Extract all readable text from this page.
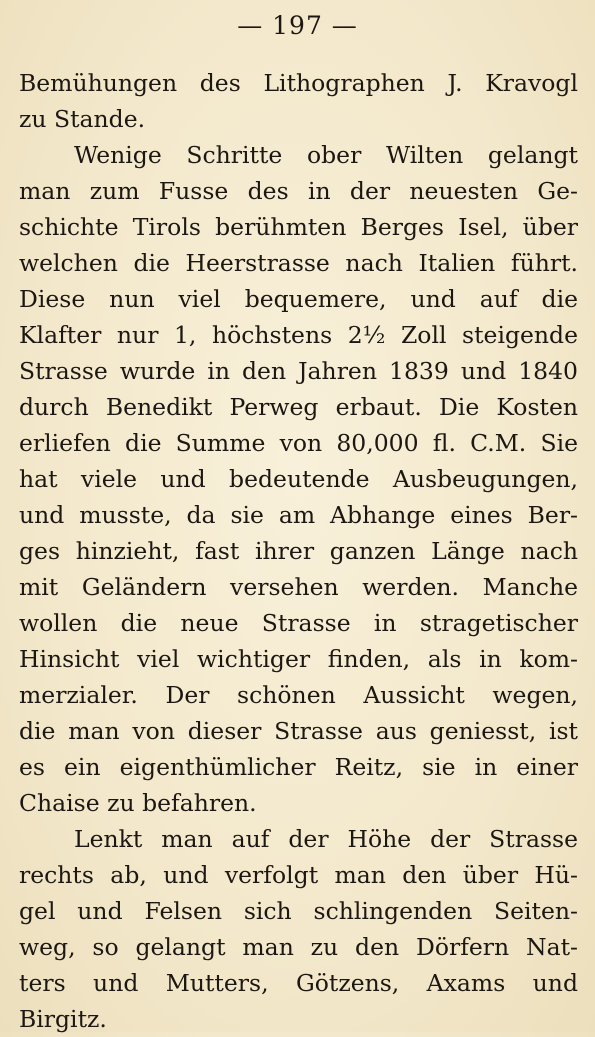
— 197 —
Bemühungen des Lithographen J. Kravogl
zu Stande.
Wenige Schritte ober Wilten gelangt
man zum Fusse des in der neuesten Ge-
schichte Tirols berühmten Berges Isel, über
welchen die Heerstrasse nach Italien führt.
Diese nun viel bequemere, und auf die
Klafter nur 1, höchstens 2½ Zoll steigende
Strasse wurde in den Jahren 1839 und 1840
durch Benedikt Perweg erbaut. Die Kosten
erliefen die Summe von 80,000 fl. C.M. Sie
hat viele und bedeutende Ausbeugungen,
und musste, da sie am Abhange eines Ber-
ges hinzieht, fast ihrer ganzen Länge nach
mit Geländern versehen werden. Manche
wollen die neue Strasse in stragetischer
Hinsicht viel wichtiger finden, als in kom-
merzialer. Der schönen Aussicht wegen,
die man von dieser Strasse aus geniesst, ist
es ein eigenthümlicher Reitz, sie in einer
Chaise zu befahren.
Lenkt man auf der Höhe der Strasse
rechts ab, und verfolgt man den über Hü-
gel und Felsen sich schlingenden Seiten-
weg, so gelangt man zu den Dörfern Nat-
ters und Mutters, Götzens, Axams und
Birgitz.
